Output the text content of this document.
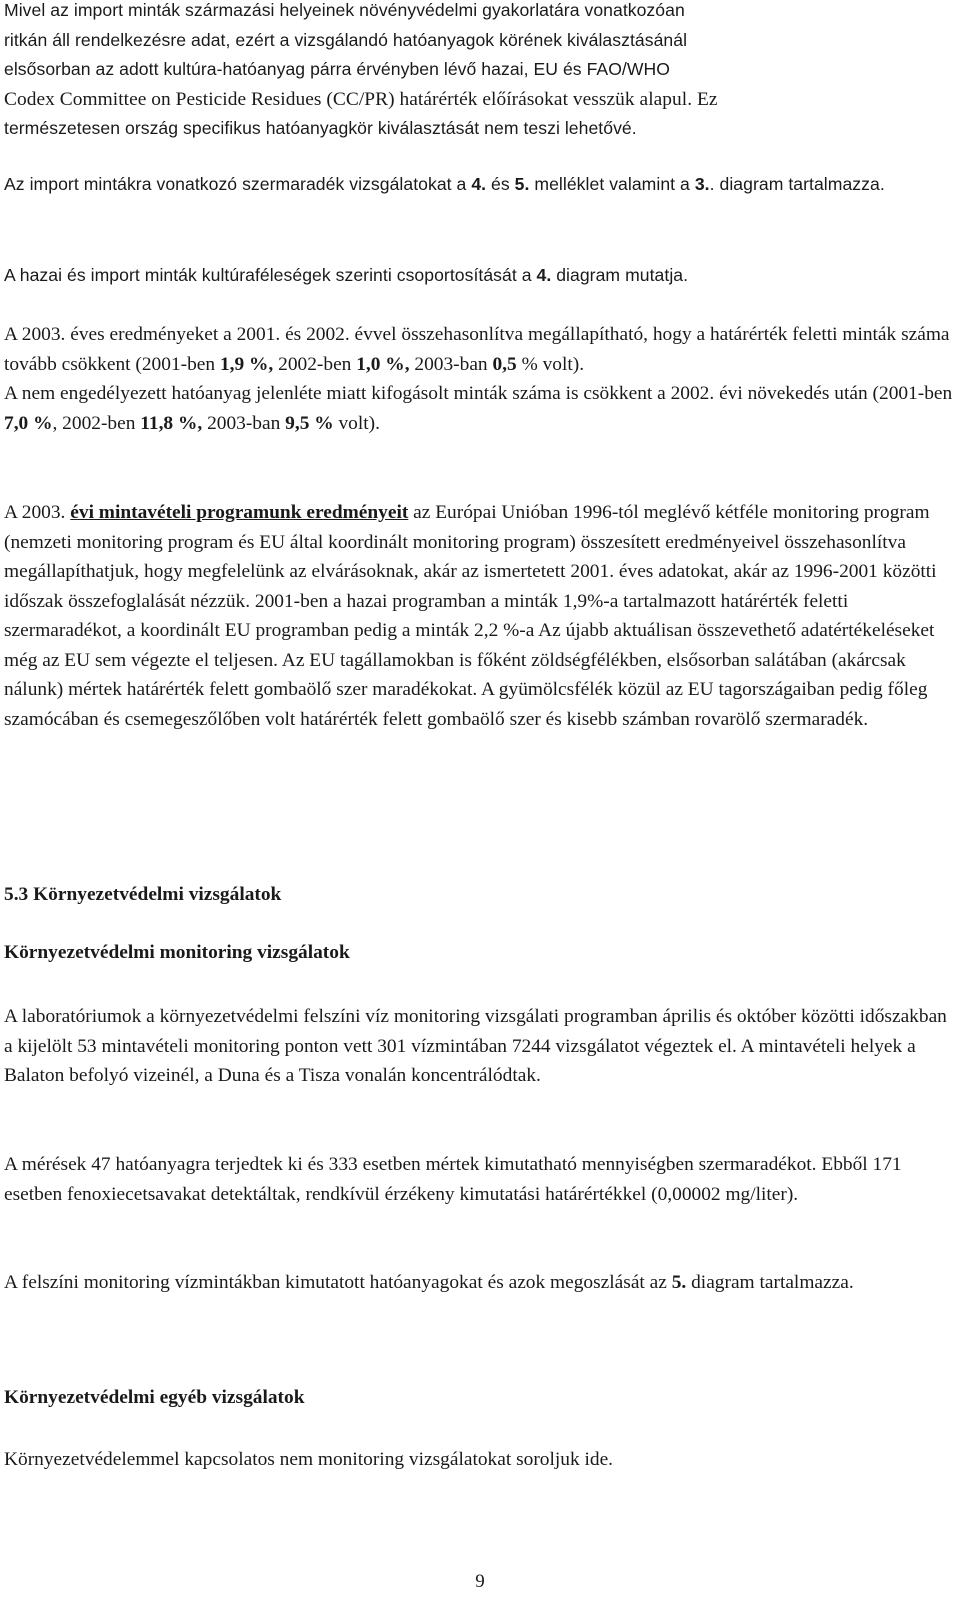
Mivel az import minták származási helyeinek növényvédelmi gyakorlatára vonatkozóan
ritkán áll rendelkezésre adat, ezért a vizsgálandó hatóanyagok körének kiválasztásánál
elsősorban az adott kultúra-hatóanyag párra érvényben lévő hazai, EU és FAO/WHO
Codex Committee on Pesticide Residues (CC/PR) határérték előírásokat vesszük alapul. Ez
természetesen ország specifikus hatóanyagkör kiválasztását nem teszi lehetővé.

Az import mintákra vonatkozó szermaradék vizsgálatokat a 4. és 5. melléklet valamint a 3.. diagram tartalmazza.

A hazai és import minták kultúraféleségek szerinti csoportosítását a 4. diagram mutatja.

A 2003. éves eredményeket a 2001. és 2002. évvel összehasonlítva megállapítható, hogy a határérték feletti minták száma tovább csökkent (2001-ben 1,9 %, 2002-ben 1,0 %, 2003-ban 0,5 % volt).
A nem engedélyezett hatóanyag jelenléte miatt kifogásolt minták száma is csökkent a 2002. évi növekedés után (2001-ben 7,0 %, 2002-ben 11,8 %, 2003-ban 9,5 % volt).

A 2003. évi mintavételi programunk eredményeit az Európai Unióban 1996-tól meglévő kétféle monitoring program (nemzeti monitoring program és EU által koordinált monitoring program) összesített eredményeivel összehasonlítva megállapíthatjuk, hogy megfelelünk az elvárásoknak, akár az ismertetett 2001. éves adatokat, akár az 1996-2001 közötti időszak összefoglalását nézzük. 2001-ben a hazai programban a minták 1,9%-a tartalmazott határérték feletti szermaradékot, a koordinált EU programban pedig a minták 2,2 %-a Az újabb aktuálisan összevethető adatértékeléseket még az EU sem végezte el teljesen. Az EU tagállamokban is főként zöldségfélékben, elsősorban salátában (akárcsak nálunk) mértek határérték felett gombaölő szer maradékokat. A gyümölcsfélék közül az EU tagországaiban pedig főleg szamócában és csemegeszőlőben volt határérték felett gombaölő szer és kisebb számban rovarölő szermaradék.

5.3 Környezetvédelmi vizsgálatok
Környezetvédelmi monitoring vizsgálatok

A laboratóriumok a környezetvédelmi felszíni víz monitoring vizsgálati programban április és október közötti időszakban a kijelölt 53 mintavételi monitoring ponton vett 301 vízmintában 7244 vizsgálatot végeztek el. A mintavételi helyek a Balaton befolyó vizeinél, a Duna és a Tisza vonalán koncentrálódtak.

A mérések 47 hatóanyagra terjedtek ki és 333 esetben mértek kimutatható mennyiségben szermaradékot. Ebből 171 esetben fenoxiecetsavakat detektáltak, rendkívül érzékeny kimutatási határértékkel (0,00002 mg/liter).

A felszíni monitoring vízmintákban kimutatott hatóanyagokat és azok megoszlását az 5. diagram tartalmazza.

Környezetvédelmi egyéb vizsgálatok

Környezetvédelemmel kapcsolatos nem monitoring vizsgálatokat soroljuk ide.

9
